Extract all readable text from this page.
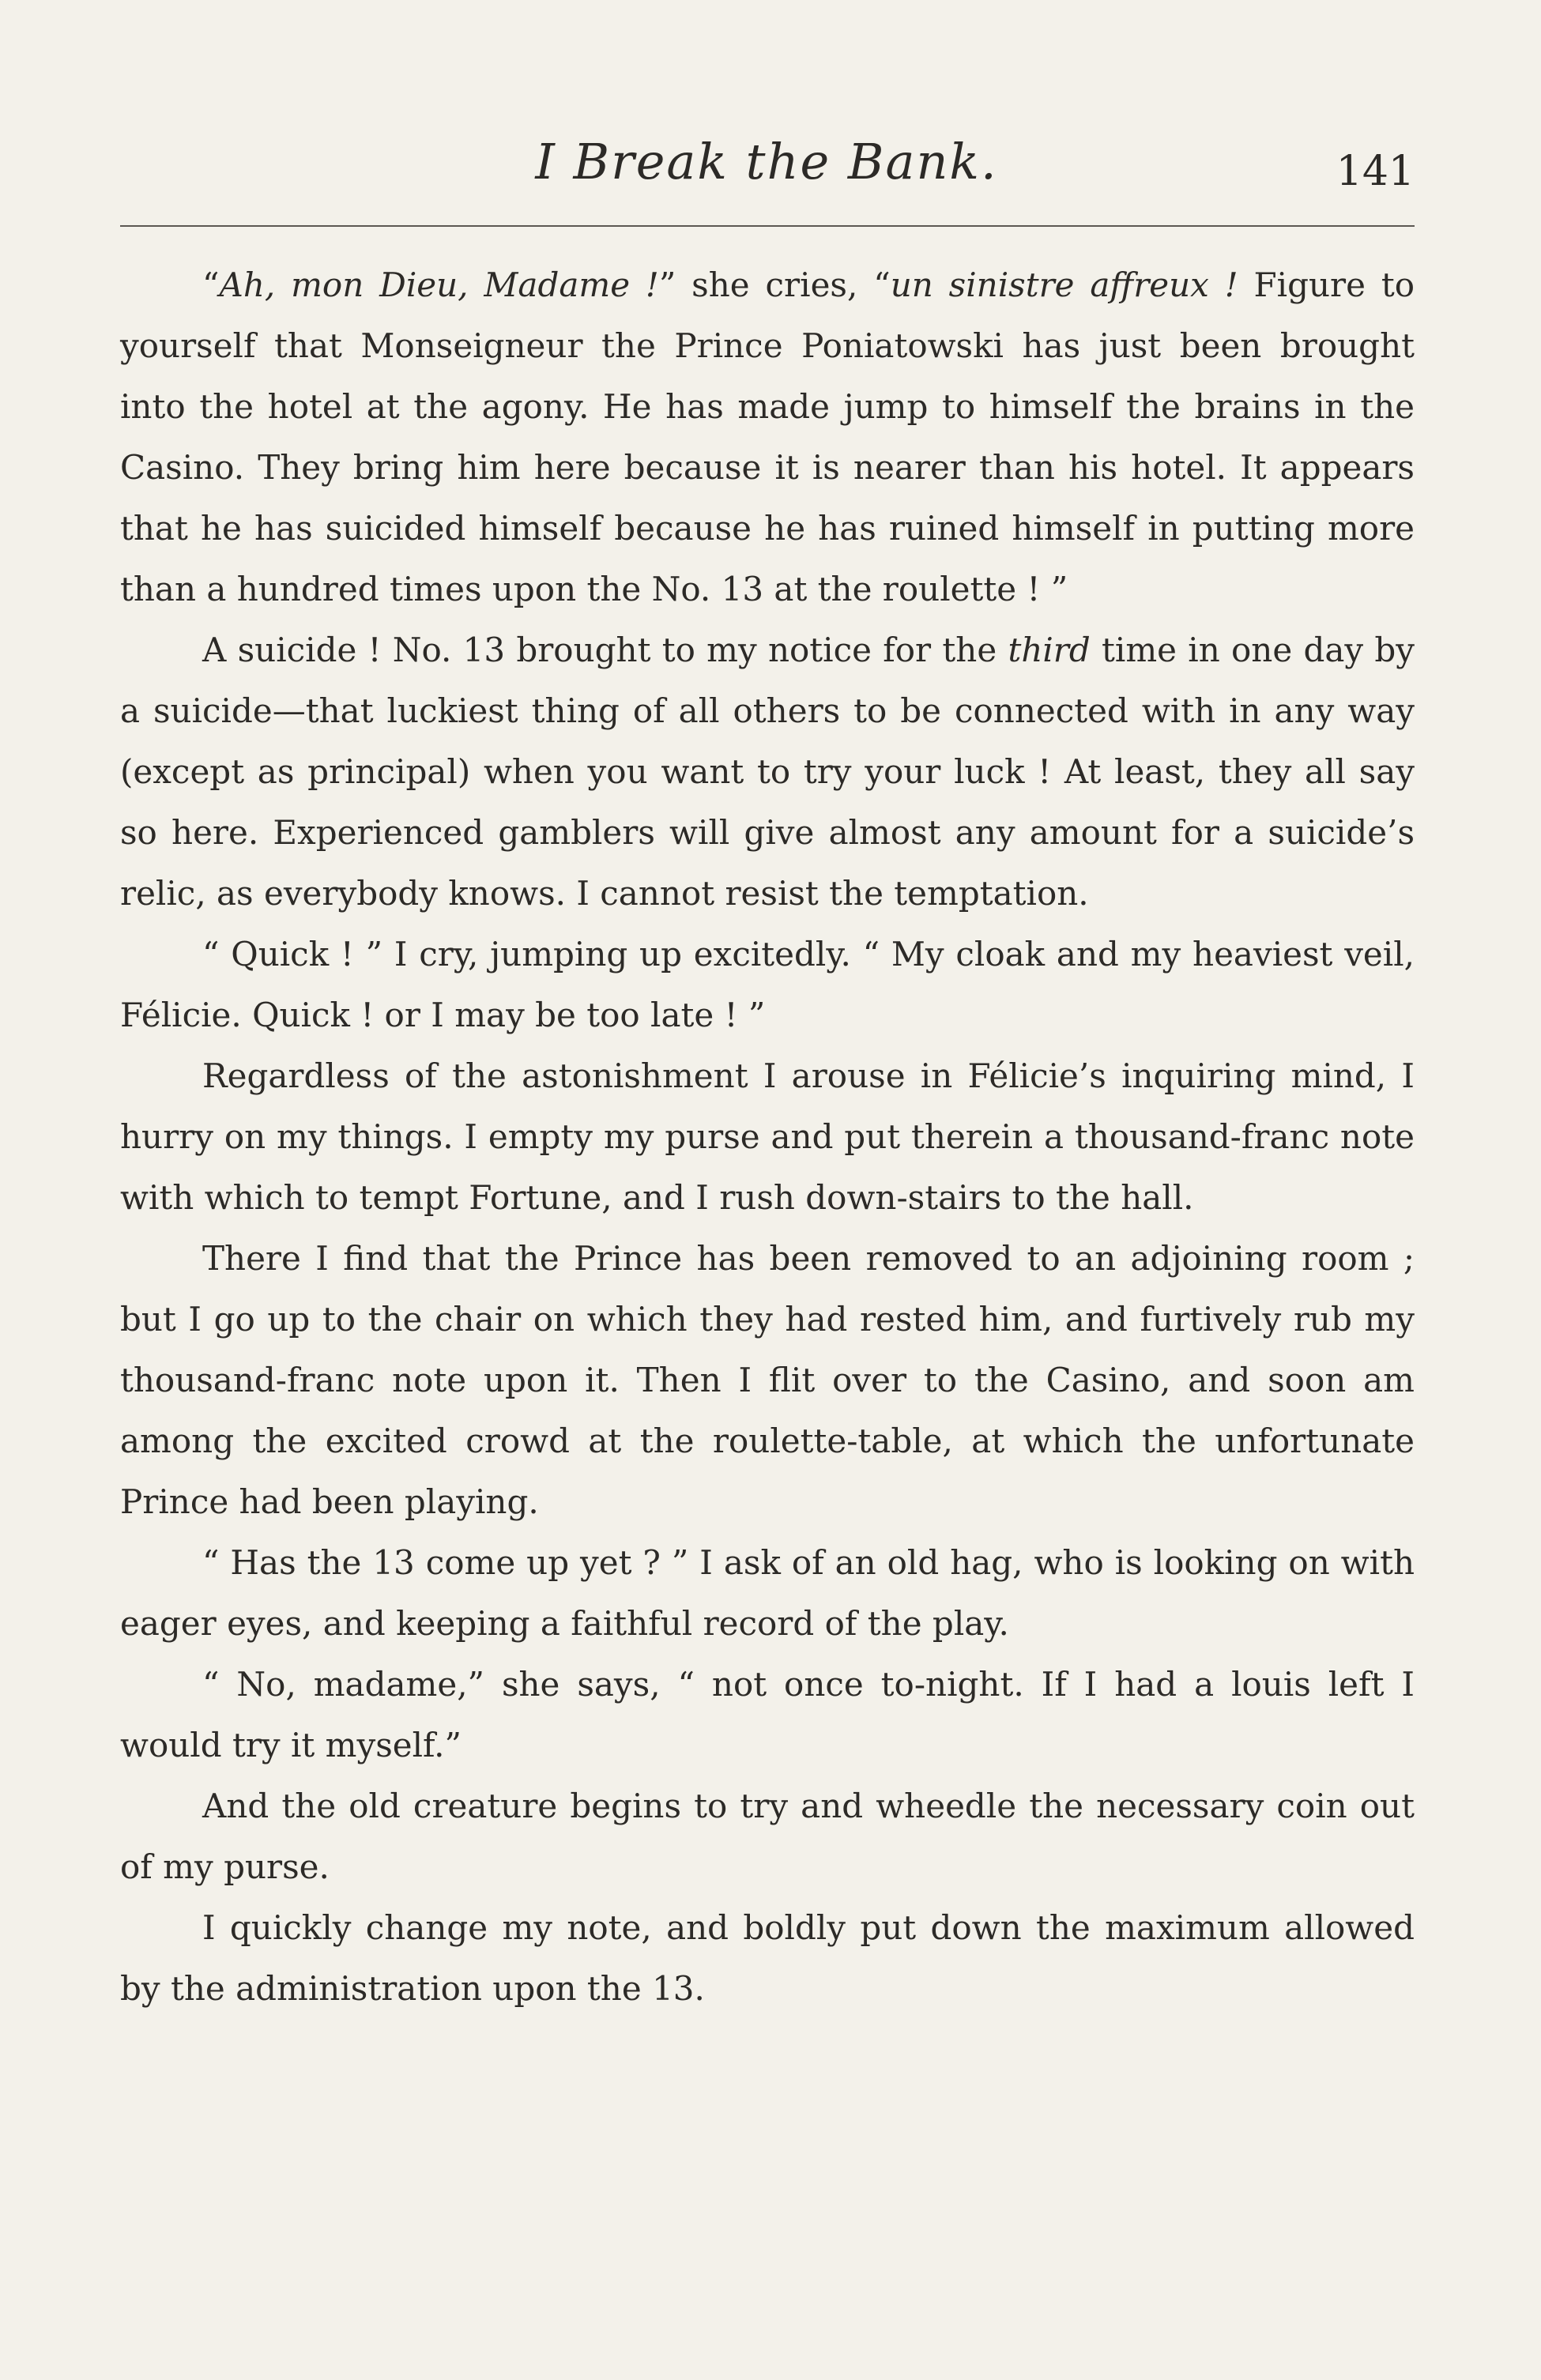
I Break the Bank.	141

“Ah, mon Dieu, Madame !” she cries, “un sinistre affreux ! Figure to yourself that Monseigneur the Prince Poniatowski has just been brought into the hotel at the agony. He has made jump to himself the brains in the Casino. They bring him here because it is nearer than his hotel. It appears that he has suicided himself because he has ruined himself in putting more than a hundred times upon the No. 13 at the roulette ! ”

A suicide ! No. 13 brought to my notice for the third time in one day by a suicide—that luckiest thing of all others to be connected with in any way (except as principal) when you want to try your luck ! At least, they all say so here. Experienced gamblers will give almost any amount for a suicide’s relic, as everybody knows. I cannot resist the temptation.

“ Quick ! ” I cry, jumping up excitedly. “ My cloak and my heaviest veil, Félicie. Quick ! or I may be too late ! ”

Regardless of the astonishment I arouse in Félicie’s inquiring mind, I hurry on my things. I empty my purse and put therein a thousand-franc note with which to tempt Fortune, and I rush down-stairs to the hall.

There I find that the Prince has been removed to an adjoining room ; but I go up to the chair on which they had rested him, and furtively rub my thousand-franc note upon it. Then I flit over to the Casino, and soon am among the excited crowd at the roulette-table, at which the unfortunate Prince had been playing.

“ Has the 13 come up yet ? ” I ask of an old hag, who is looking on with eager eyes, and keeping a faithful record of the play.

“ No, madame,” she says, “ not once to-night. If I had a louis left I would try it myself.”

And the old creature begins to try and wheedle the necessary coin out of my purse.

I quickly change my note, and boldly put down the maximum allowed by the administration upon the 13.
